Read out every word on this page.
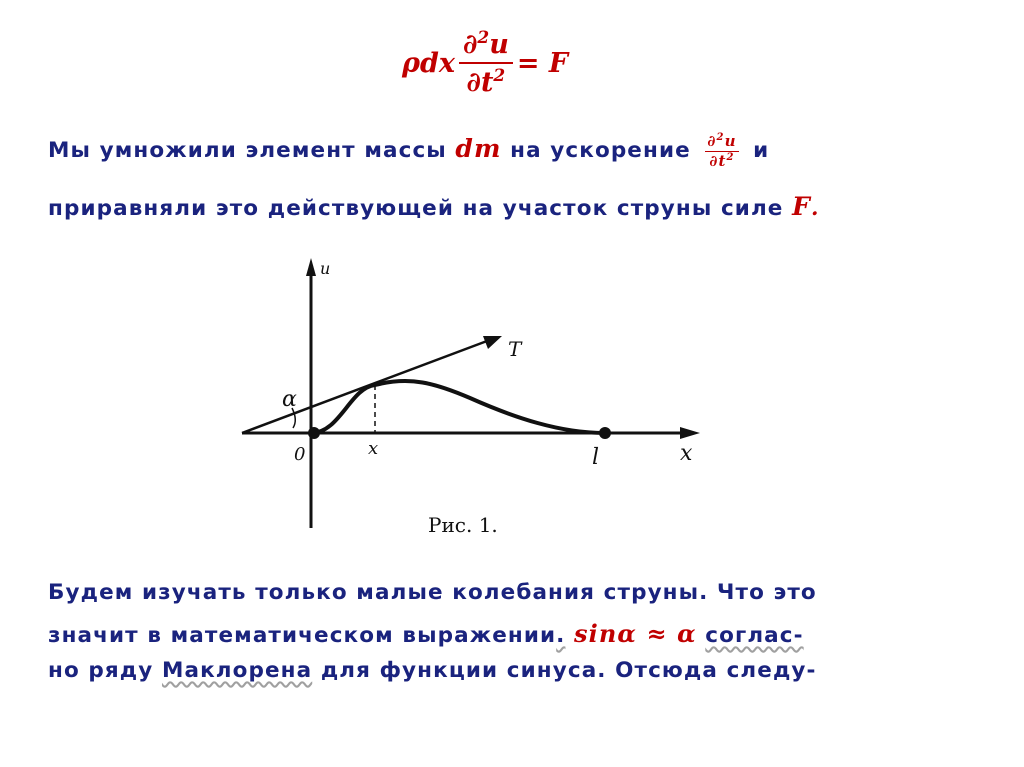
ρdx $\frac{\partial^2u}{\partial t^2} = F$
Мы умножили элемент массы dm на ускорение $\frac{\partial^2u}{\partial t^2}$ и
приравняли это действующей на участок струны силе F.
u
x
T
α
0	x	l
Рис. 1.
Будем изучать только малые колебания струны. Что это
значит в математическом выражении. sinα ≈ α соглас-
но ряду Маклорена для функции синуса. Отсюда следу-
